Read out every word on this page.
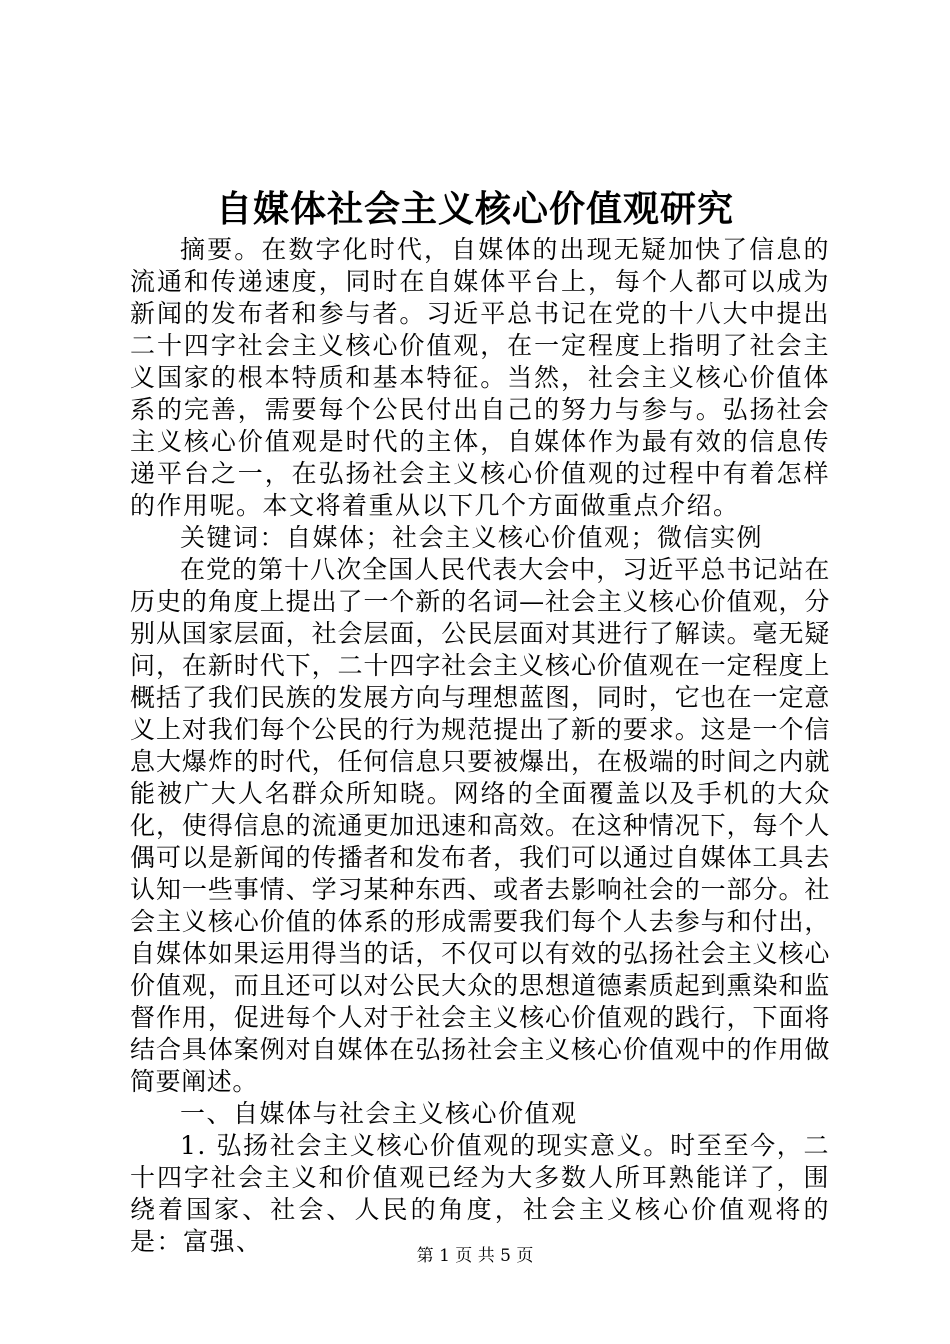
自媒体社会主义核心价值观研究

摘要。在数字化时代，自媒体的出现无疑加快了信息的流通和传递速度，同时在自媒体平台上，每个人都可以成为新闻的发布者和参与者。习近平总书记在党的十八大中提出二十四字社会主义核心价值观，在一定程度上指明了社会主义国家的根本特质和基本特征。当然，社会主义核心价值体系的完善，需要每个公民付出自己的努力与参与。弘扬社会主义核心价值观是时代的主体，自媒体作为最有效的信息传递平台之一，在弘扬社会主义核心价值观的过程中有着怎样的作用呢。本文将着重从以下几个方面做重点介绍。

关键词：自媒体；社会主义核心价值观；微信实例

在党的第十八次全国人民代表大会中，习近平总书记站在历史的角度上提出了一个新的名词—社会主义核心价值观，分别从国家层面，社会层面，公民层面对其进行了解读。毫无疑问，在新时代下，二十四字社会主义核心价值观在一定程度上概括了我们民族的发展方向与理想蓝图，同时，它也在一定意义上对我们每个公民的行为规范提出了新的要求。这是一个信息大爆炸的时代，任何信息只要被爆出，在极端的时间之内就能被广大人名群众所知晓。网络的全面覆盖以及手机的大众化，使得信息的流通更加迅速和高效。在这种情况下，每个人偶可以是新闻的传播者和发布者，我们可以通过自媒体工具去认知一些事情、学习某种东西、或者去影响社会的一部分。社会主义核心价值的体系的形成需要我们每个人去参与和付出，自媒体如果运用得当的话，不仅可以有效的弘扬社会主义核心价值观，而且还可以对公民大众的思想道德素质起到熏染和监督作用，促进每个人对于社会主义核心价值观的践行，下面将结合具体案例对自媒体在弘扬社会主义核心价值观中的作用做简要阐述。

一、自媒体与社会主义核心价值观

1. 弘扬社会主义核心价值观的现实意义。时至至今，二十四字社会主义和价值观已经为大多数人所耳熟能详了，围绕着国家、社会、人民的角度，社会主义核心价值观将的是：富强、	第 1 页 共 5 页
